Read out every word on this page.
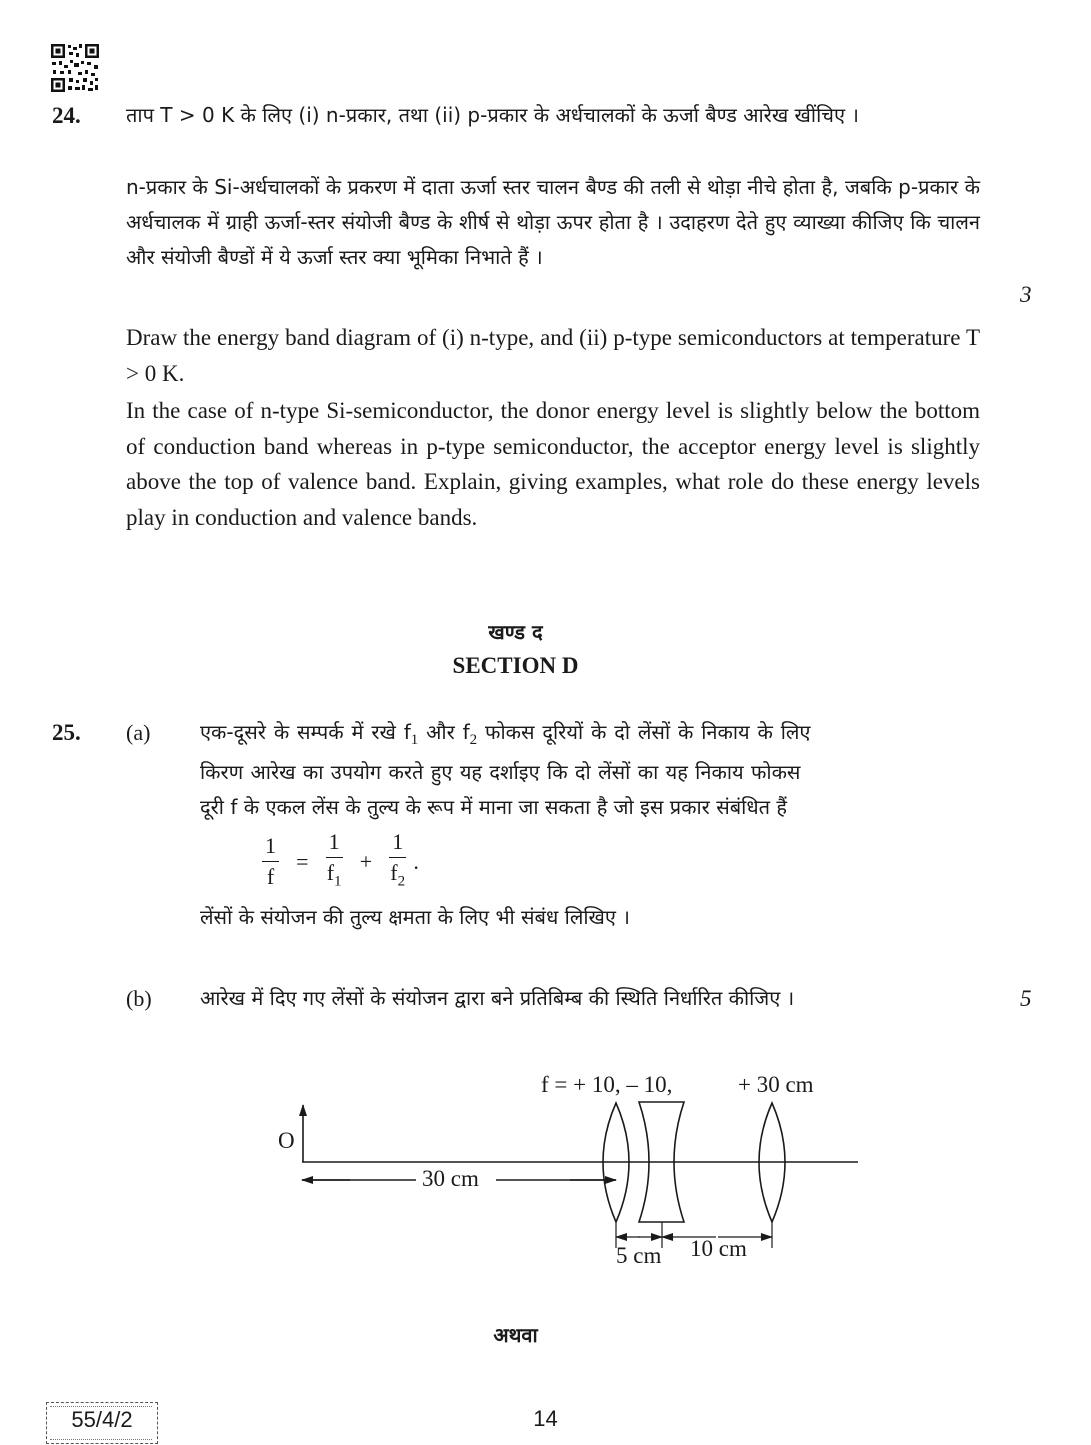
24. ताप T > 0 K के लिए (i) n-प्रकार, तथा (ii) p-प्रकार के अर्धचालकों के ऊर्जा बैण्ड आरेख खींचिए ।

n-प्रकार के Si-अर्धचालकों के प्रकरण में दाता ऊर्जा स्तर चालन बैण्ड की तली से थोड़ा नीचे होता है, जबकि p-प्रकार के अर्धचालक में ग्राही ऊर्जा-स्तर संयोजी बैण्ड के शीर्ष से थोड़ा ऊपर होता है । उदाहरण देते हुए व्याख्या कीजिए कि चालन और संयोजी बैण्डों में ये ऊर्जा स्तर क्या भूमिका निभाते हैं ।

3

Draw the energy band diagram of (i) n-type, and (ii) p-type semiconductors at temperature T > 0 K.

In the case of n-type Si-semiconductor, the donor energy level is slightly below the bottom of conduction band whereas in p-type semiconductor, the acceptor energy level is slightly above the top of valence band. Explain, giving examples, what role do these energy levels play in conduction and valence bands.

खण्ड द
SECTION D
25. (a) एक-दूसरे के सम्पर्क में रखे $f_1$ और $f_2$ फोकस दूरियों के दो लेंसों के निकाय के लिए
किरण आरेख का उपयोग करते हुए यह दर्शाइए कि दो लेंसों का यह निकाय फोकस
दूरी f के एकल लेंस के तुल्य के रूप में माना जा सकता है जो इस प्रकार संबंधित हैं
$\frac{1}{f} = \frac{1}{f_1} + \frac{1}{f_2}$ .
लेंसों के संयोजन की तुल्य क्षमता के लिए भी संबंध लिखिए ।
(b) आरेख में दिए गए लेंसों के संयोजन द्वारा बने प्रतिबिम्ब की स्थिति निर्धारित कीजिए ।	5
f = + 10, – 10,	+ 30 cm
O
30 cm
5 cm 10 cm
अथवा
55/4/2	14
